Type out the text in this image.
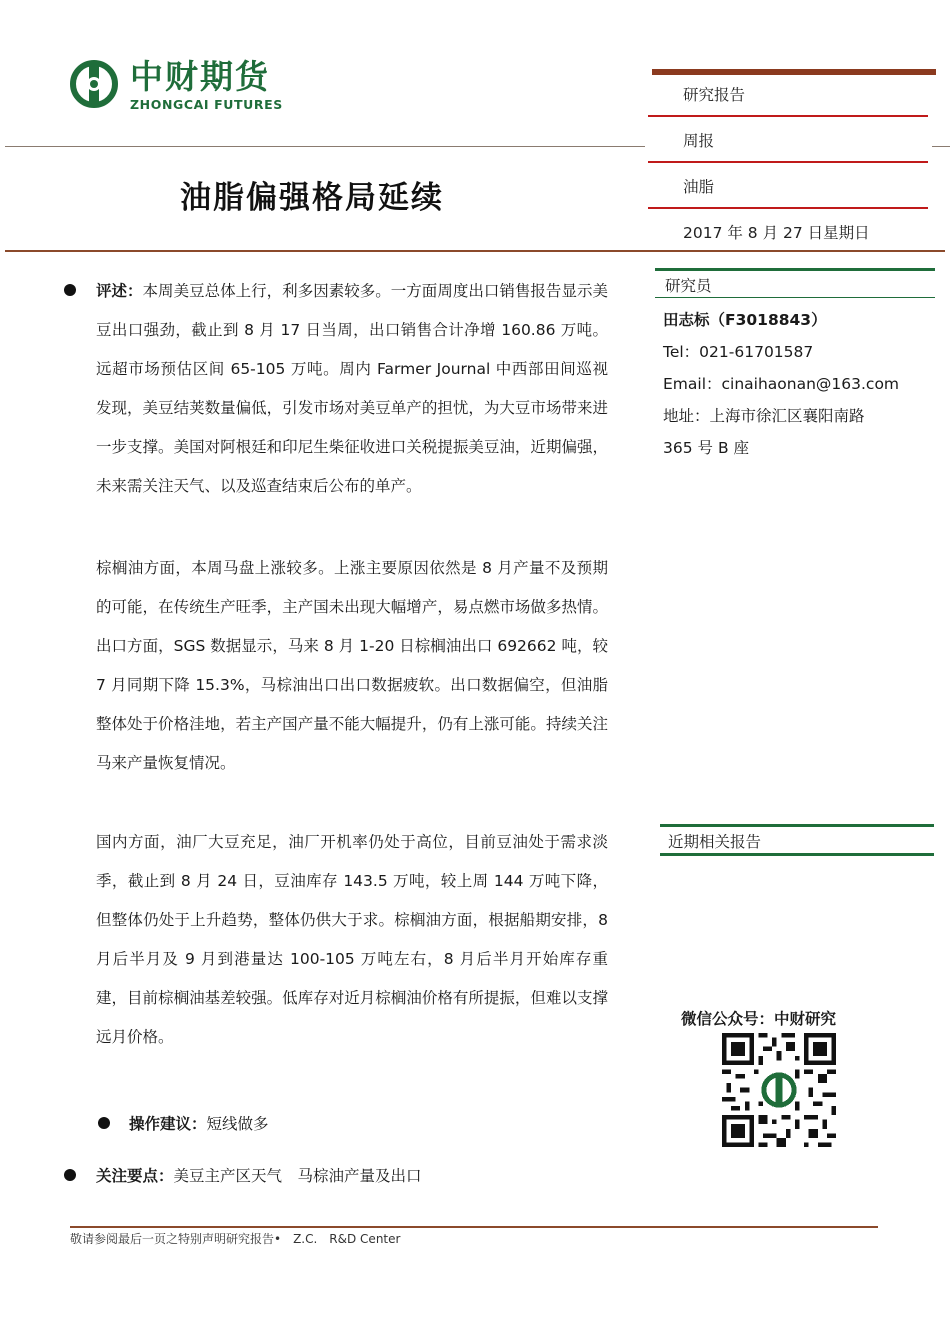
中财期货
ZHONGCAI FUTURES
油脂偏强格局延续
研究报告
周报
油脂
2017 年 8 月 27 日星期日
评述：本周美豆总体上行，利多因素较多。一方面周度出口销售报告显示美豆出口强劲，截止到 8 月 17 日当周，出口销售合计净增 160.86 万吨。远超市场预估区间 65-105 万吨。周内 Farmer Journal 中西部田间巡视发现，美豆结荚数量偏低，引发市场对美豆单产的担忧，为大豆市场带来进一步支撑。美国对阿根廷和印尼生柴征收进口关税提振美豆油，近期偏强，未来需关注天气、以及巡查结束后公布的单产。
棕榈油方面，本周马盘上涨较多。上涨主要原因依然是 8 月产量不及预期的可能，在传统生产旺季，主产国未出现大幅增产，易点燃市场做多热情。出口方面，SGS 数据显示，马来 8 月 1-20 日棕榈油出口 692662 吨，较 7 月同期下降 15.3%，马棕油出口出口数据疲软。出口数据偏空，但油脂整体处于价格洼地，若主产国产量不能大幅提升，仍有上涨可能。持续关注马来产量恢复情况。
国内方面，油厂大豆充足，油厂开机率仍处于高位，目前豆油处于需求淡季，截止到 8 月 24 日，豆油库存 143.5 万吨，较上周 144 万吨下降，但整体仍处于上升趋势，整体仍供大于求。棕榈油方面，根据船期安排，8 月后半月及 9 月到港量达 100-105 万吨左右，8 月后半月开始库存重建，目前棕榈油基差较强。低库存对近月棕榈油价格有所提振，但难以支撑远月价格。
操作建议：短线做多
关注要点：美豆主产区天气　马棕油产量及出口
研究员
田志标（F3018843）
Tel：021-61701587
Email：cinaihaonan@163.com
地址：上海市徐汇区襄阳南路
365 号 B 座
近期相关报告
微信公众号：中财研究
敬请参阅最后一页之特别声明研究报告•　Z.C.　R&D Center
